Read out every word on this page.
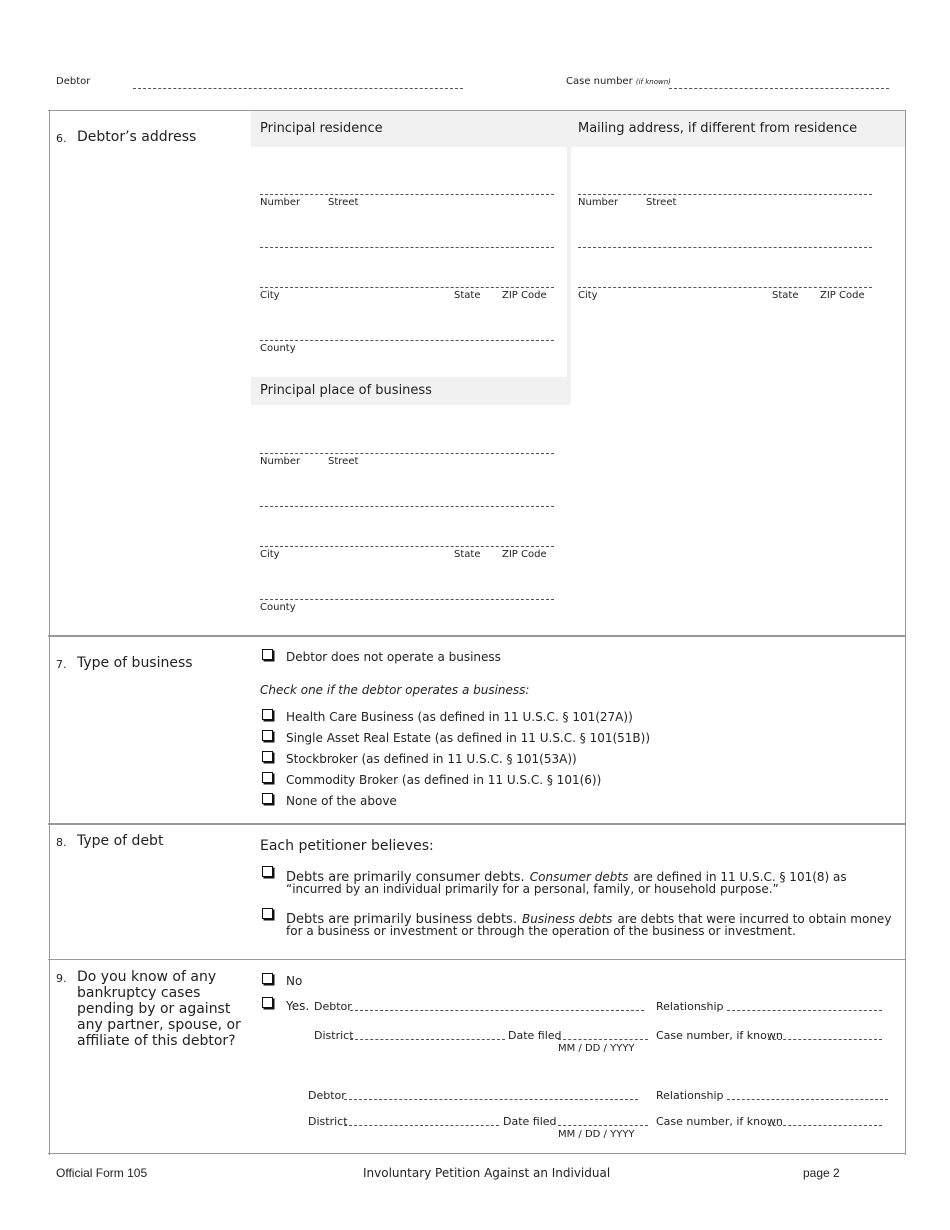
Debtor	Case number (if known)
6. Debtor’s address
Principal residence
Number	Street
City	State ZIP Code
County
Mailing address, if different from residence
Number	Street
City	State ZIP Code
Principal place of business
Number	Street
City	State ZIP Code
County
7. Type of business	Debtor does not operate a business
Check one if the debtor operates a business:
Health Care Business (as defined in 11 U.S.C. § 101(27A))
Single Asset Real Estate (as defined in 11 U.S.C. § 101(51B))
Stockbroker (as defined in 11 U.S.C. § 101(53A))
Commodity Broker (as defined in 11 U.S.C. § 101(6))
None of the above
8. Type of debt	Each petitioner believes:
Debts are primarily consumer debts. Consumer debts are defined in 11 U.S.C. § 101(8) as
“incurred by an individual primarily for a personal, family, or household purpose.”
Debts are primarily business debts. Business debts are debts that were incurred to obtain money
for a business or investment or through the operation of the business or investment.
9. Do you know of any
bankruptcy cases
pending by or against
any partner, spouse, or
affiliate of this debtor?
No
Yes. Debtor	Relationship
District	Date filed
MM / DD / YYYY
Case number, if known
Debtor	Relationship
District	Date filed
MM / DD / YYYY
Case number, if known
Official Form 105	Involuntary Petition Against an Individual	page 2
